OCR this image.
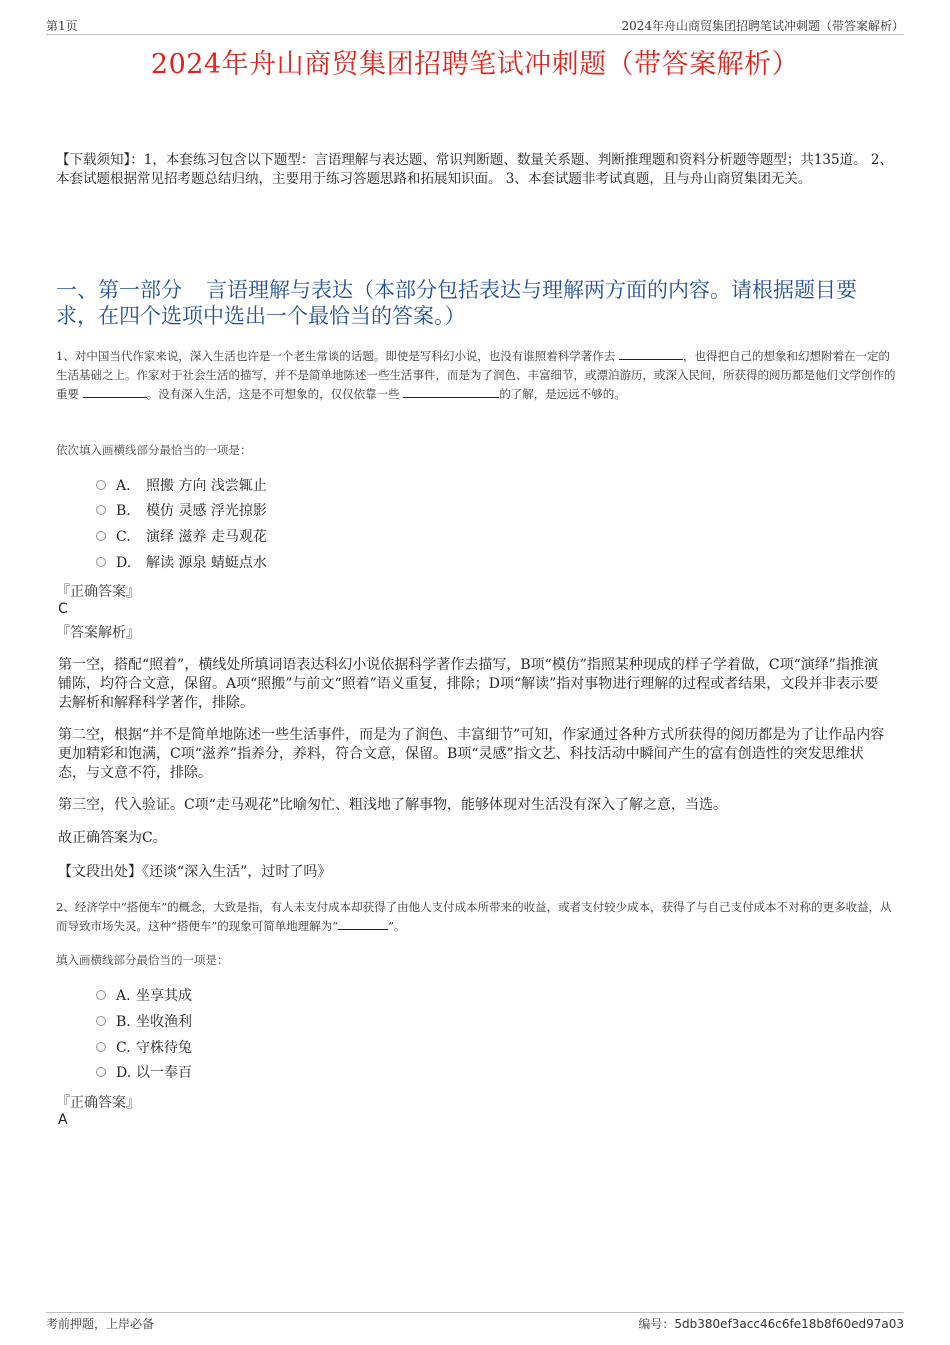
第1页	2024年舟山商贸集团招聘笔试冲刺题（带答案解析）
2024年舟山商贸集团招聘笔试冲刺题（带答案解析）
【下载须知】：1，本套练习包含以下题型：言语理解与表达题、常识判断题、数量关系题、判断推理题和资料分析题等题型；共135道。 2、本套试题根据常见招考题总结归纳，主要用于练习答题思路和拓展知识面。 3、本套试题非考试真题，且与舟山商贸集团无关。
一、第一部分 言语理解与表达（本部分包括表达与理解两方面的内容。请根据题目要求，在四个选项中选出一个最恰当的答案。）
1、对中国当代作家来说，深入生活也许是一个老生常谈的话题。即使是写科幻小说，也没有谁照着科学著作去	，也得把自己的想象和幻想附着在一定的生活基础之上。作家对于社会生活的描写，并不是简单地陈述一些生活事件，而是为了润色、丰富细节，或漂泊游历，或深入民间，所获得的阅历都是他们文学创作的重要	。没有深入生活，这是不可想象的，仅仅依靠一些	的了解，是远远不够的。
依次填入画横线部分最恰当的一项是：
A. 照搬 方向 浅尝辄止
B. 模仿 灵感 浮光掠影
C. 演绎 滋养 走马观花
D. 解读 源泉 蜻蜓点水
『正确答案』
C
『答案解析』
第一空，搭配“照着”，横线处所填词语表达科幻小说依据科学著作去描写，B项“模仿”指照某种现成的样子学着做，C项“演绎”指推演铺陈，均符合文意，保留。A项“照搬”与前文“照着”语义重复，排除；D项“解读”指对事物进行理解的过程或者结果，文段并非表示要去解析和解释科学著作，排除。
第二空，根据“并不是简单地陈述一些生活事件，而是为了润色、丰富细节”可知，作家通过各种方式所获得的阅历都是为了让作品内容更加精彩和饱满，C项“滋养”指养分，养料，符合文意，保留。B项“灵感”指文艺、科技活动中瞬间产生的富有创造性的突发思维状态，与文意不符，排除。
第三空，代入验证。C项“走马观花”比喻匆忙、粗浅地了解事物，能够体现对生活没有深入了解之意，当选。
故正确答案为C。
【文段出处】《还谈“深入生活”，过时了吗》
2、经济学中“搭便车”的概念，大致是指，有人未支付成本却获得了由他人支付成本所带来的收益，或者支付较少成本，获得了与自己支付成本不对称的更多收益，从而导致市场失灵。这种“搭便车”的现象可简单地理解为“	”。
填入画横线部分最恰当的一项是：
A. 坐享其成
B. 坐收渔利
C. 守株待兔
D. 以一奉百
『正确答案』
A
考前押题，上岸必备	编号：5db380ef3acc46c6fe18b8f60ed97a03
